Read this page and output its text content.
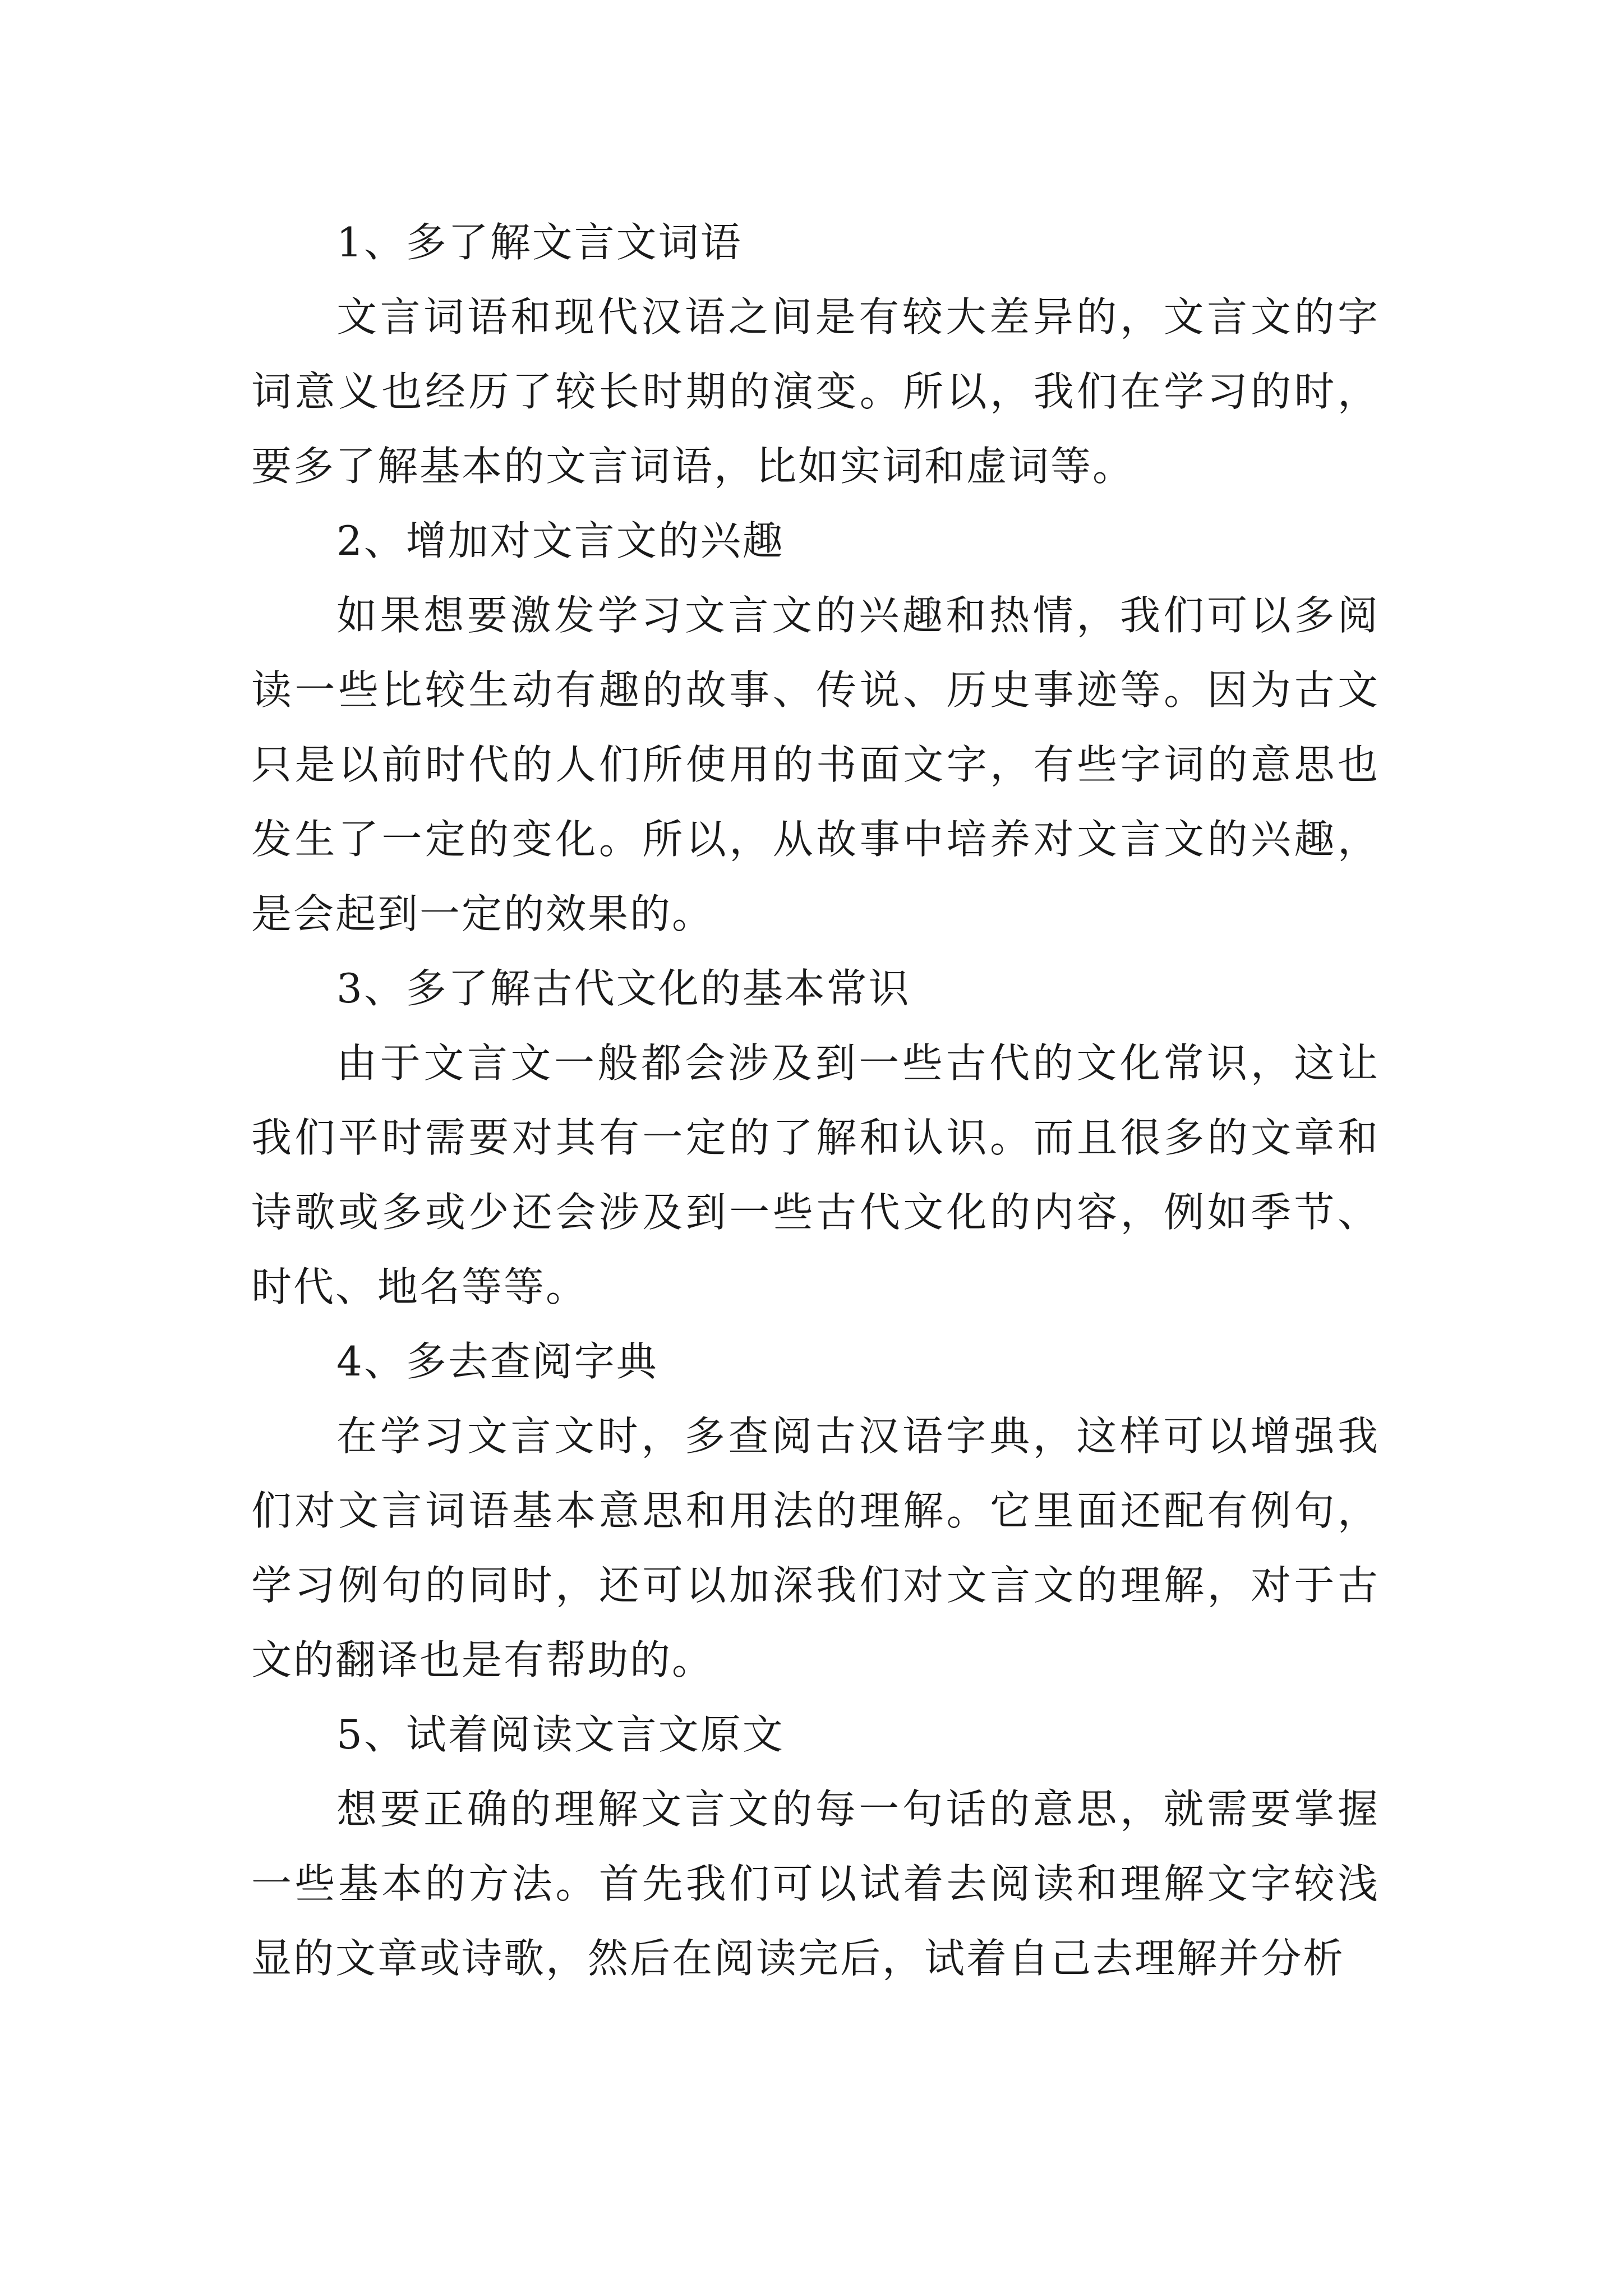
1、多了解文言文词语

文言词语和现代汉语之间是有较大差异的，文言文的字词意义也经历了较长时期的演变。所以，我们在学习的时，要多了解基本的文言词语，比如实词和虚词等。

2、增加对文言文的兴趣

如果想要激发学习文言文的兴趣和热情，我们可以多阅读一些比较生动有趣的故事、传说、历史事迹等。因为古文只是以前时代的人们所使用的书面文字，有些字词的意思也发生了一定的变化。所以，从故事中培养对文言文的兴趣，是会起到一定的效果的。

3、多了解古代文化的基本常识

由于文言文一般都会涉及到一些古代的文化常识，这让我们平时需要对其有一定的了解和认识。而且很多的文章和诗歌或多或少还会涉及到一些古代文化的内容，例如季节、时代、地名等等。

4、多去查阅字典

在学习文言文时，多查阅古汉语字典，这样可以增强我们对文言词语基本意思和用法的理解。它里面还配有例句，学习例句的同时，还可以加深我们对文言文的理解，对于古文的翻译也是有帮助的。

5、试着阅读文言文原文

想要正确的理解文言文的每一句话的意思，就需要掌握一些基本的方法。首先我们可以试着去阅读和理解文字较浅显的文章或诗歌，然后在阅读完后，试着自己去理解并分析
